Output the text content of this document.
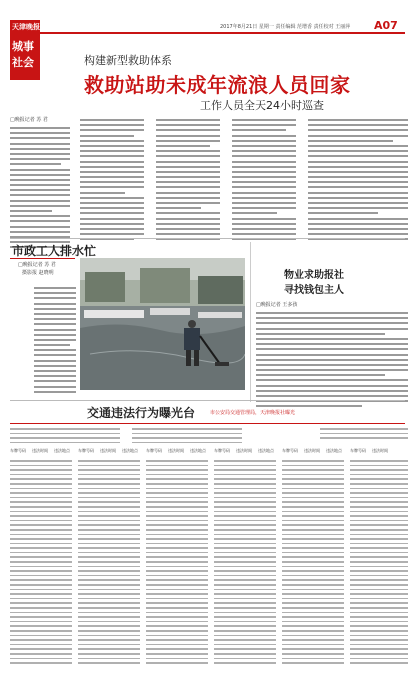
天津晚报
城事
社会
2017年8月21日 星期一 责任编辑 范增香 责任校对 王丽萍 A07
构建新型救助体系
救助站助未成年流浪人员回家
工作人员全天24小时巡查
□晚报记者 苏 君
市政工人排水忙
□晚报记者 苏 君
摄影报 赵晓明	物业求助报社
寻找钱包主人
□晚报记者 王多孩
交通违法行为曝光台	市公安局交通管理局，天津晚报社曝光
车牌号码 违法时间 违法地点 车牌号码 违法时间 违法地点 车牌号码 违法时间 违法地点 车牌号码 违法时间 违法地点 车牌号码 违法时间 违法地点 车牌号码 违法时间
